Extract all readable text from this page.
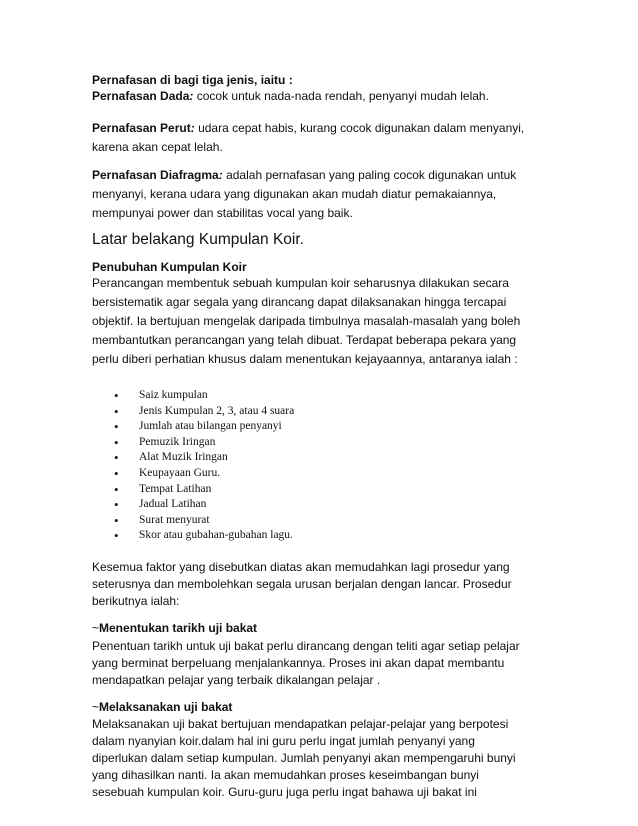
Pernafasan di bagi tiga jenis, iaitu :

Pernafasan Dada: cocok untuk nada-nada rendah, penyanyi mudah lelah.

Pernafasan Perut: udara cepat habis, kurang cocok digunakan dalam menyanyi,

karena akan cepat lelah.

Pernafasan Diafragma: adalah pernafasan yang paling cocok digunakan untuk

menyanyi, kerana udara yang digunakan akan mudah diatur pemakaiannya,

mempunyai power dan stabilitas vocal yang baik.

Latar belakang Kumpulan Koir.

Penubuhan Kumpulan Koir

Perancangan membentuk sebuah kumpulan koir seharusnya dilakukan secara

bersistematik agar segala yang dirancang dapat dilaksanakan hingga tercapai

objektif. Ia bertujuan mengelak daripada timbulnya masalah-masalah yang boleh

membantutkan perancangan yang telah dibuat. Terdapat beberapa pekara yang

perlu diberi perhatian khusus dalam menentukan kejayaannya, antaranya ialah :

• Saiz kumpulan
• Jenis Kumpulan 2, 3, atau 4 suara
• Jumlah atau bilangan penyanyi
• Pemuzik Iringan
• Alat Muzik Iringan
• Keupayaan Guru.
• Tempat Latihan
• Jadual Latihan
• Surat menyurat
• Skor atau gubahan-gubahan lagu.

Kesemua faktor yang disebutkan diatas akan memudahkan lagi prosedur yang

seterusnya dan membolehkan segala urusan berjalan dengan lancar. Prosedur

berikutnya ialah:

~Menentukan tarikh uji bakat

Penentuan tarikh untuk uji bakat perlu dirancang dengan teliti agar setiap pelajar

yang berminat berpeluang menjalankannya. Proses ini akan dapat membantu

mendapatkan pelajar yang terbaik dikalangan pelajar .

~Melaksanakan uji bakat

Melaksanakan uji bakat bertujuan mendapatkan pelajar-pelajar yang berpotesi

dalam nyanyian koir.dalam hal ini guru perlu ingat jumlah penyanyi yang

diperlukan dalam setiap kumpulan. Jumlah penyanyi akan mempengaruhi bunyi

yang dihasilkan nanti. Ia akan memudahkan proses keseimbangan bunyi

sesebuah kumpulan koir. Guru-guru juga perlu ingat bahawa uji bakat ini
